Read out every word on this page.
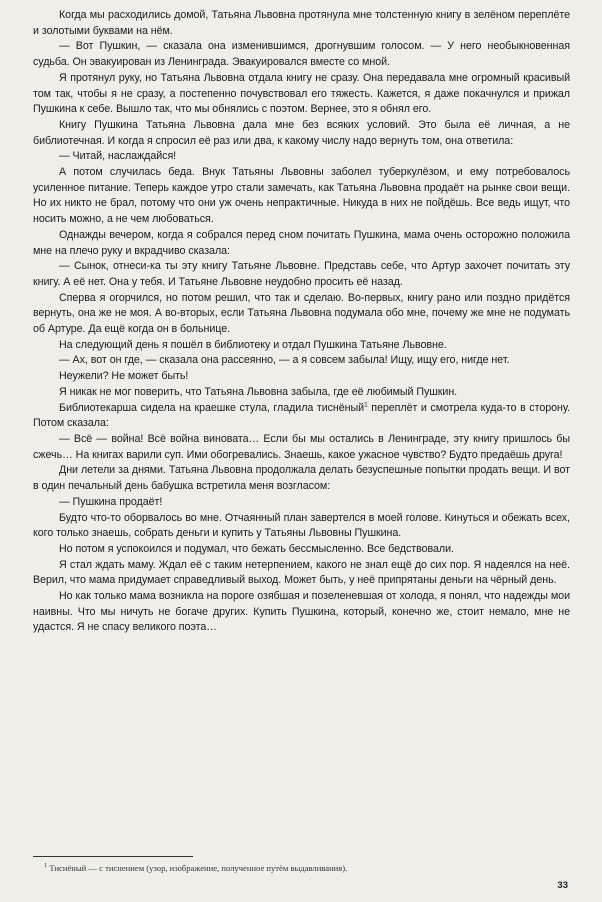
Когда мы расходились домой, Татьяна Львовна протянула мне толстенную книгу в зелёном переплёте и золотыми буквами на нём.

— Вот Пушкин, — сказала она изменившимся, дрогнувшим голосом. — У него необыкновенная судьба. Он эвакуирован из Ленинграда. Эвакуировался вместе со мной.

Я протянул руку, но Татьяна Львовна отдала книгу не сразу. Она передавала мне огромный красивый том так, чтобы я не сразу, а постепенно почувствовал его тяжесть. Кажется, я даже покачнулся и прижал Пушкина к себе. Вышло так, что мы обнялись с поэтом. Вернее, это я обнял его.

Книгу Пушкина Татьяна Львовна дала мне без всяких условий. Это была её личная, а не библиотечная. И когда я спросил её раз или два, к какому числу надо вернуть том, она ответила:

— Читай, наслаждайся!

А потом случилась беда. Внук Татьяны Львовны заболел туберкулёзом, и ему потребовалось усиленное питание. Теперь каждое утро стали замечать, как Татьяна Львовна продаёт на рынке свои вещи. Но их никто не брал, потому что они уж очень непрактичные. Никуда в них не пойдёшь. Все ведь ищут, что носить можно, а не чем любоваться.

Однажды вечером, когда я собрался перед сном почитать Пушкина, мама очень осторожно положила мне на плечо руку и вкрадчиво сказала:

— Сынок, отнеси-ка ты эту книгу Татьяне Львовне. Представь себе, что Артур захочет почитать эту книгу. А её нет. Она у тебя. И Татьяне Львовне неудобно просить её назад.

Сперва я огорчился, но потом решил, что так и сделаю. Во-первых, книгу рано или поздно придётся вернуть, она же не моя. А во-вторых, если Татьяна Львовна подумала обо мне, почему же мне не подумать об Артуре. Да ещё когда он в больнице.

На следующий день я пошёл в библиотеку и отдал Пушкина Татьяне Львовне.

— Ах, вот он где, — сказала она рассеянно, — а я совсем забыла! Ищу, ищу его, нигде нет.

Неужели? Не может быть!

Я никак не мог поверить, что Татьяна Львовна забыла, где её любимый Пушкин.

Библиотекарша сидела на краешке стула, гладила тиснёный$^1$ переплёт и смотрела куда-то в сторону. Потом сказала:

— Всё — война! Всё война виновата… Если бы мы остались в Ленинграде, эту книгу пришлось бы сжечь… На книгах варили суп. Ими обогревались. Знаешь, какое ужасное чувство? Будто предаёшь друга!

Дни летели за днями. Татьяна Львовна продолжала делать безуспешные попытки продать вещи. И вот в один печальный день бабушка встретила меня возгласом:

— Пушкина продаёт!

Будто что-то оборвалось во мне. Отчаянный план завертелся в моей голове. Кинуться и обежать всех, кого только знаешь, собрать деньги и купить у Татьяны Львовны Пушкина.

Но потом я успокоился и подумал, что бежать бессмысленно. Все бедствовали.

Я стал ждать маму. Ждал её с таким нетерпением, какого не знал ещё до сих пор. Я надеялся на неё. Верил, что мама придумает справедливый выход. Может быть, у неё припрятаны деньги на чёрный день.

Но как только мама возникла на пороге озябшая и позеленевшая от холода, я понял, что надежды мои наивны. Что мы ничуть не богаче других. Купить Пушкина, который, конечно же, стоит немало, мне не удастся. Я не спасу великого поэта…

$^1$ Тиснёный — с тиснением (узор, изображение, полученное путём выдавливания).
33
